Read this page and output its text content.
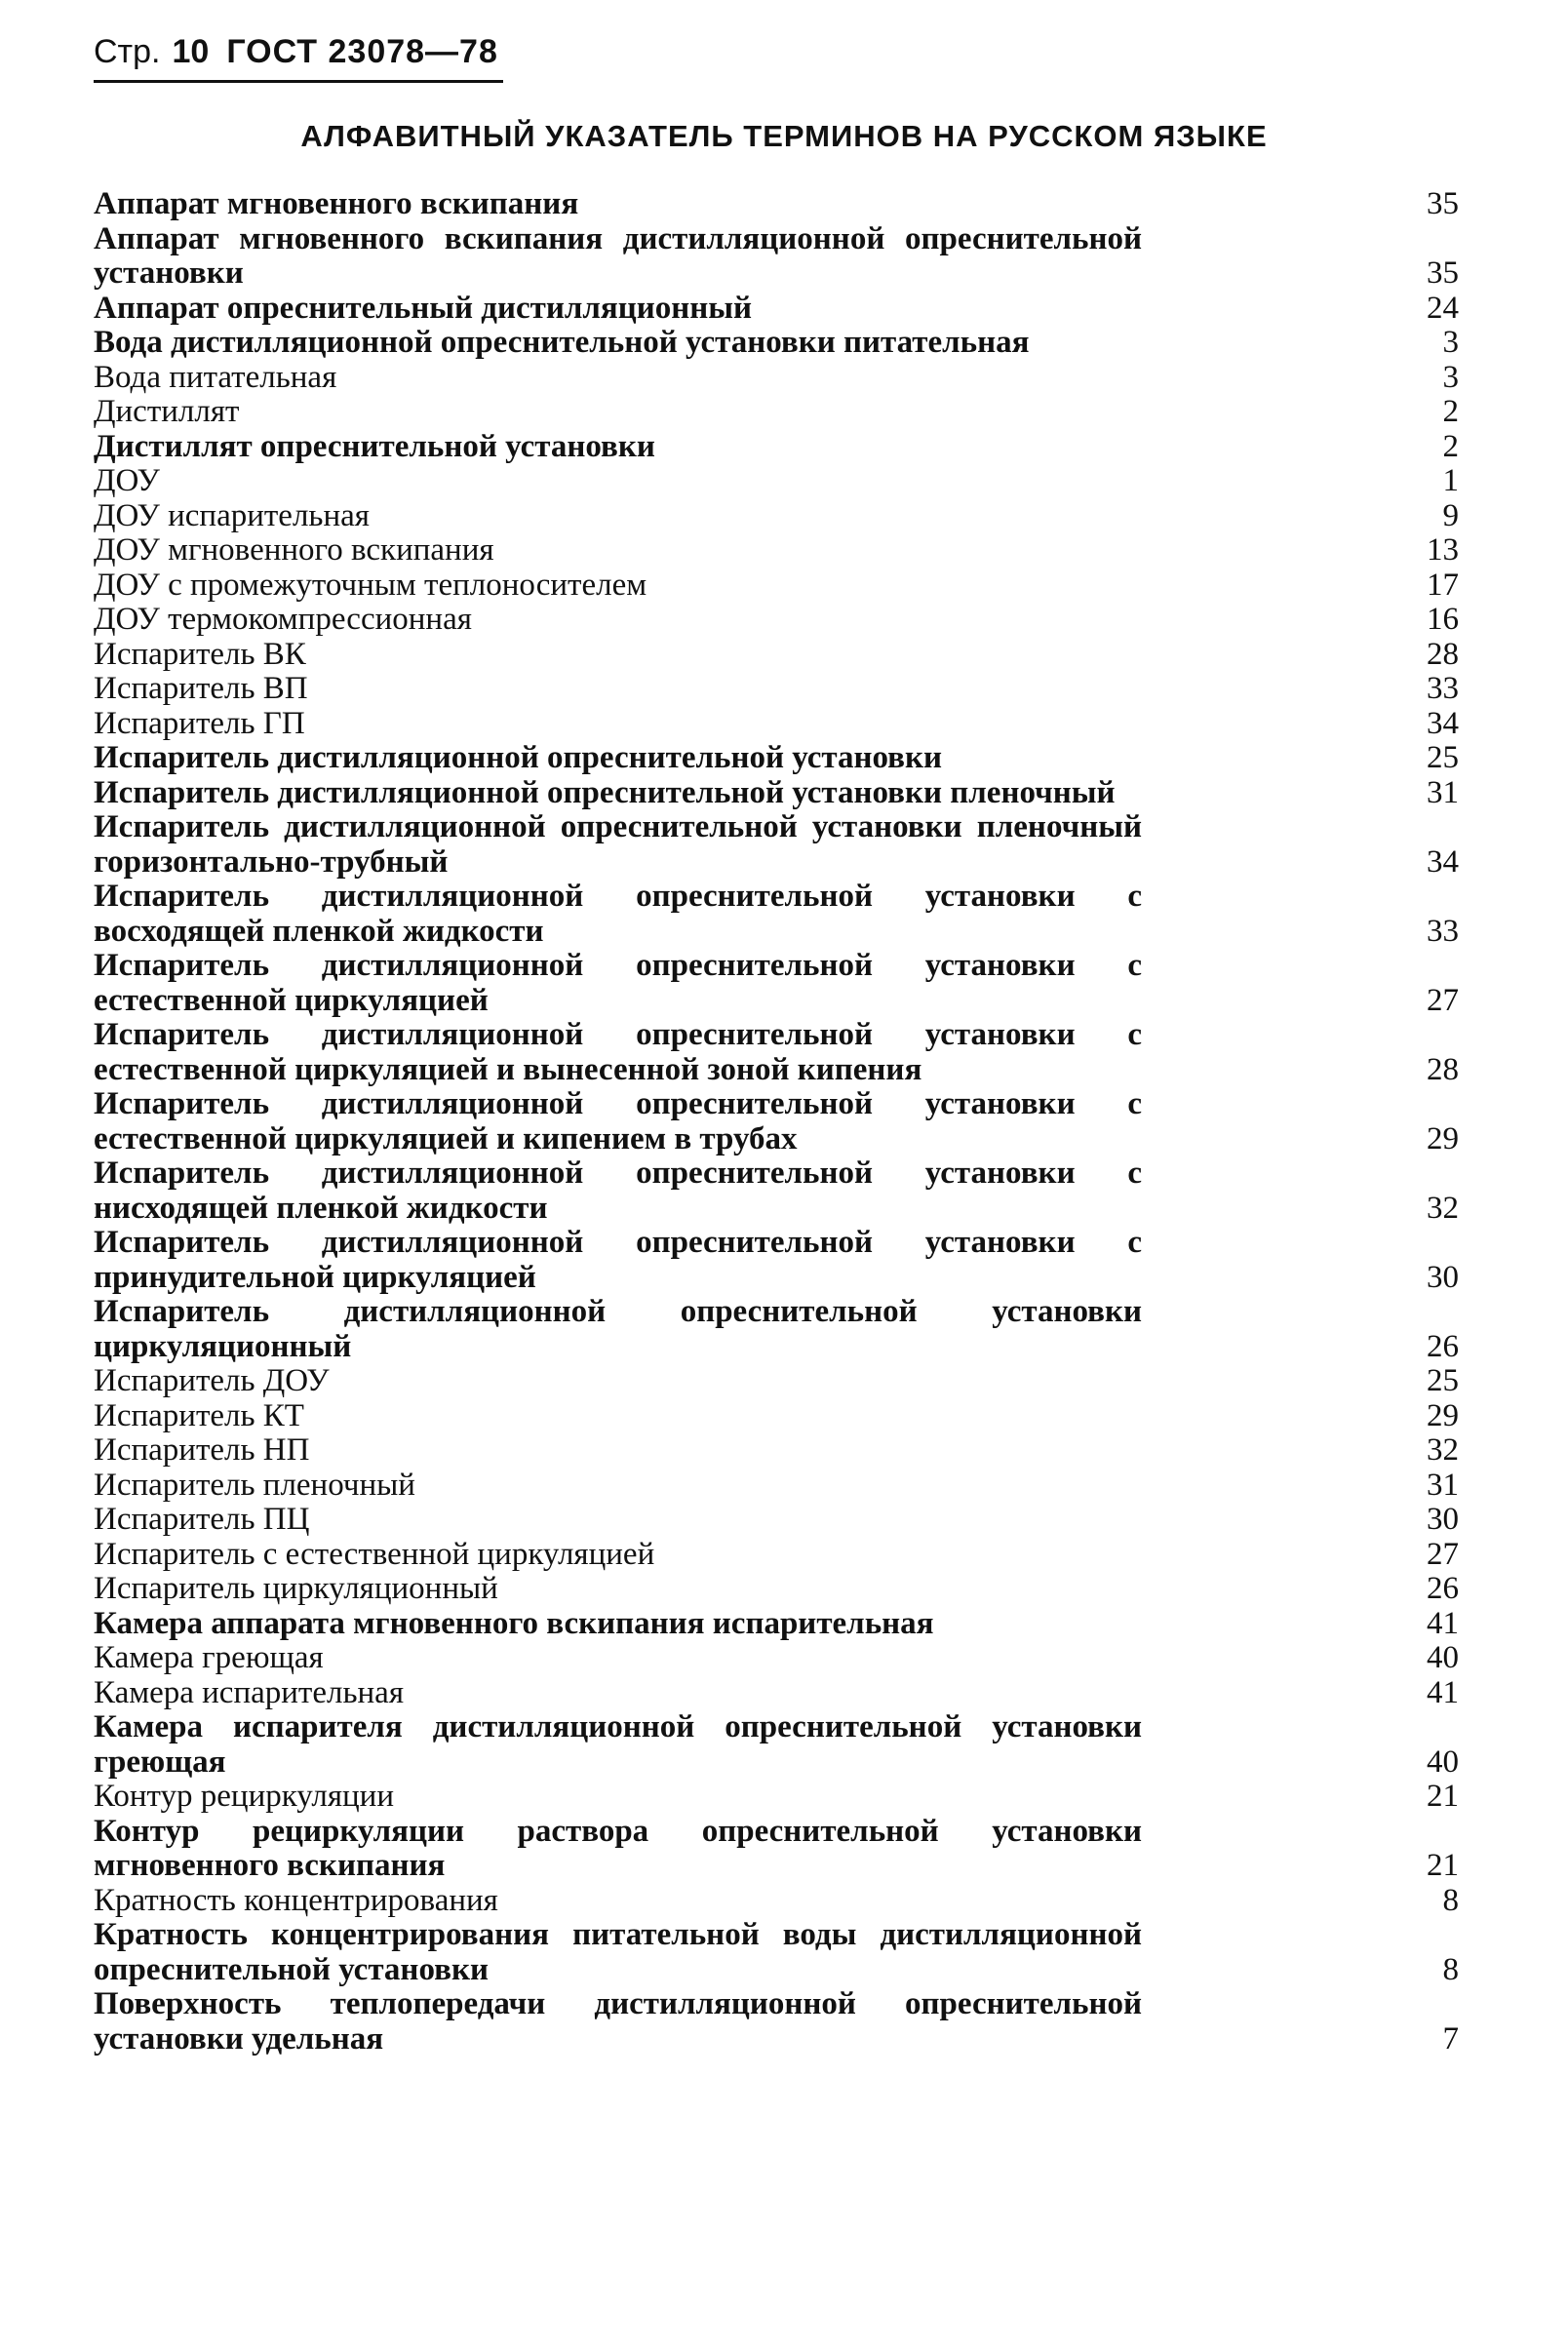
Стр. 10 ГОСТ 23078—78
АЛФАВИТНЫЙ УКАЗАТЕЛЬ ТЕРМИНОВ НА РУССКОМ ЯЗЫКЕ
Аппарат мгновенного вскипания	35
Аппарат мгновенного вскипания дистилляционной опреснительной установки	35
Аппарат опреснительный дистилляционный	24
Вода дистилляционной опреснительной установки питательная	3
Вода питательная	3
Дистиллят	2
Дистиллят опреснительной установки	2
ДОУ	1
ДОУ испарительная	9
ДОУ мгновенного вскипания	13
ДОУ с промежуточным теплоносителем	17
ДОУ термокомпрессионная	16
Испаритель ВК	28
Испаритель ВП	33
Испаритель ГП	34
Испаритель дистилляционной опреснительной установки	25
Испаритель дистилляционной опреснительной установки пленочный	31
Испаритель дистилляционной опреснительной установки пленочный горизонтально-трубный	34
Испаритель дистилляционной опреснительной установки с восходящей пленкой жидкости	33
Испаритель дистилляционной опреснительной установки с естественной циркуляцией	27
Испаритель дистилляционной опреснительной установки с естественной циркуляцией и вынесенной зоной кипения	28
Испаритель дистилляционной опреснительной установки с естественной циркуляцией и кипением в трубах	29
Испаритель дистилляционной опреснительной установки с нисходящей пленкой жидкости	32
Испаритель дистилляционной опреснительной установки с принудительной циркуляцией	30
Испаритель дистилляционной опреснительной установки циркуляционный	26
Испаритель ДОУ	25
Испаритель КТ	29
Испаритель НП	32
Испаритель пленочный	31
Испаритель ПЦ	30
Испаритель с естественной циркуляцией	27
Испаритель циркуляционный	26
Камера аппарата мгновенного вскипания испарительная	41
Камера греющая	40
Камера испарительная	41
Камера испарителя дистилляционной опреснительной установки греющая	40
Контур рециркуляции	21
Контур рециркуляции раствора опреснительной установки мгновенного вскипания	21
Кратность концентрирования	8
Кратность концентрирования питательной воды дистилляционной опреснительной установки	8
Поверхность теплопередачи дистилляционной опреснительной установки удельная	7
